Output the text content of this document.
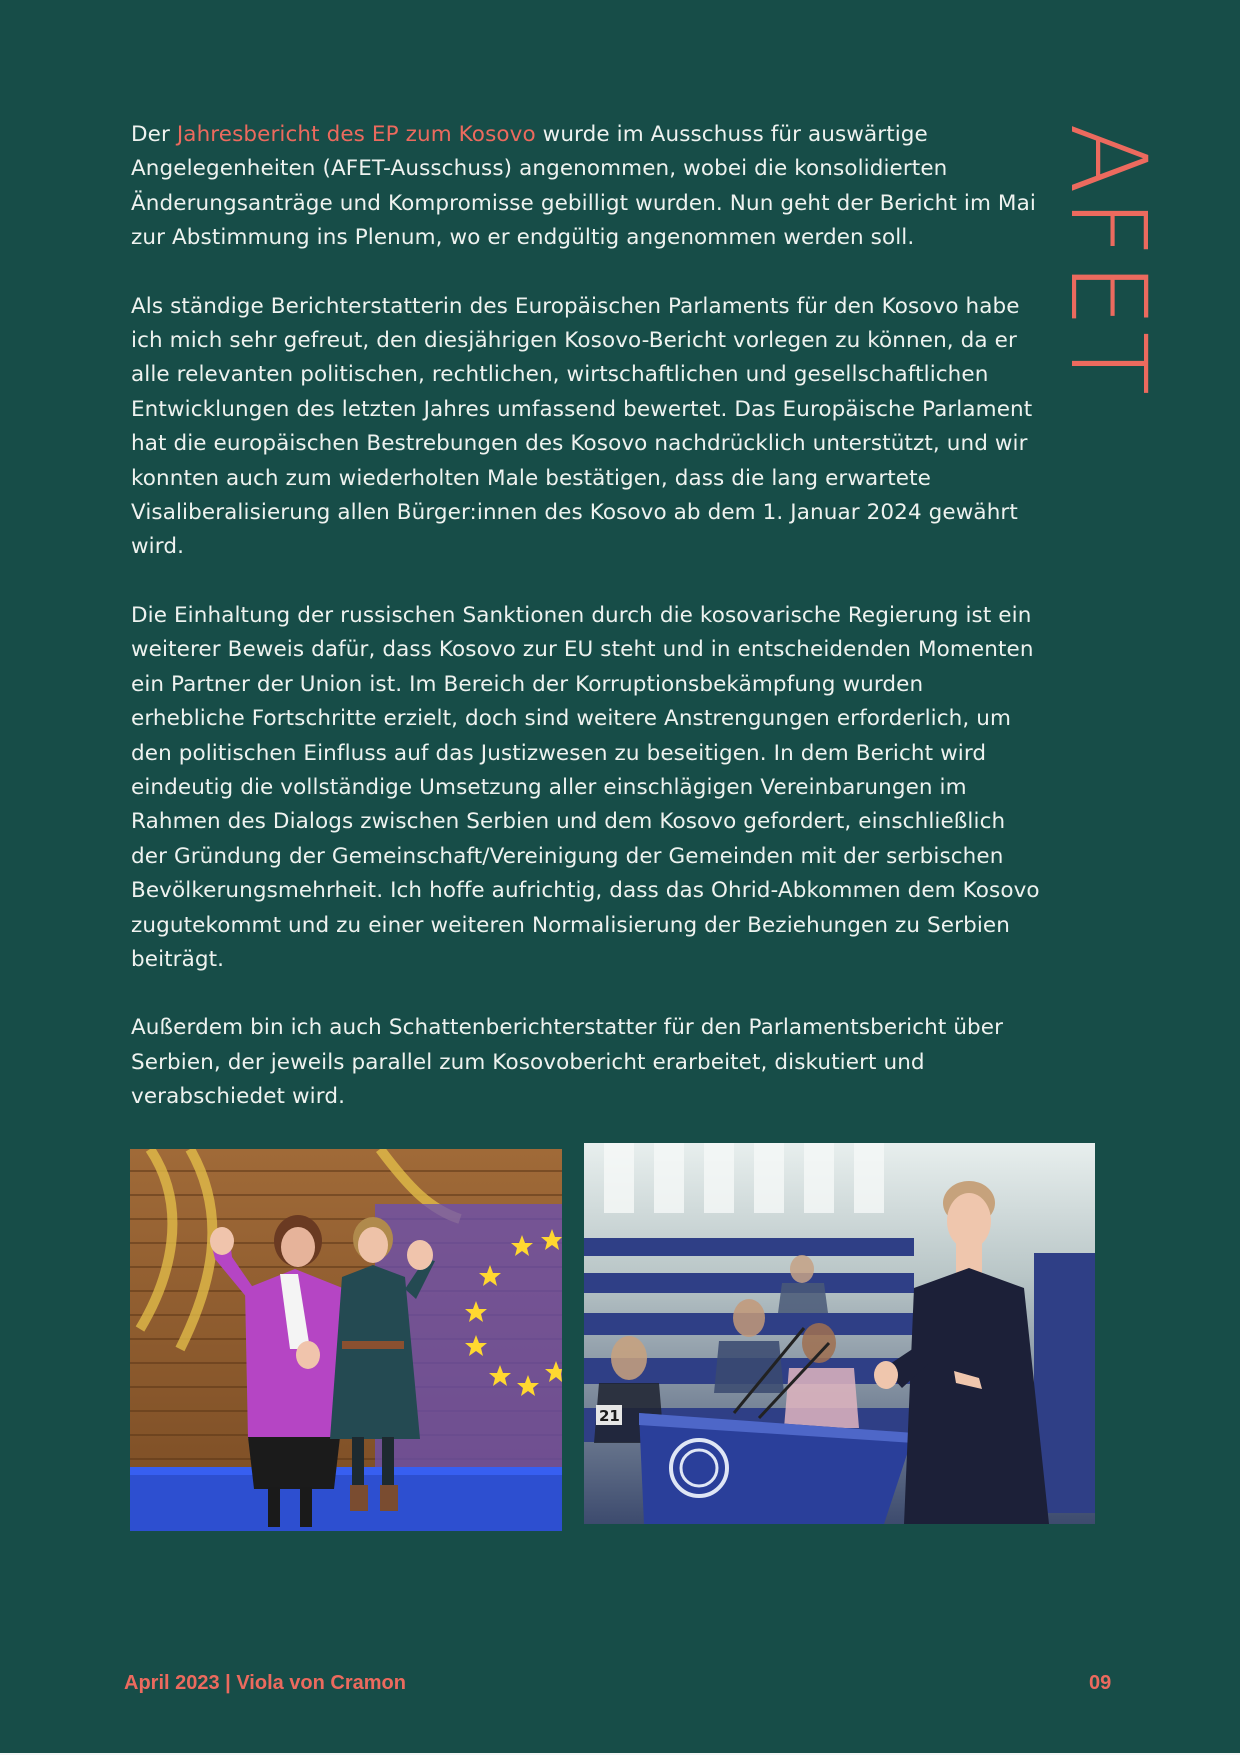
Der Jahresbericht des EP zum Kosovo wurde im Ausschuss für auswärtige Angelegenheiten (AFET-Ausschuss) angenommen, wobei die konsolidierten Änderungsanträge und Kompromisse gebilligt wurden. Nun geht der Bericht im Mai zur Abstimmung ins Plenum, wo er endgültig angenommen werden soll.

Als ständige Berichterstatterin des Europäischen Parlaments für den Kosovo habe ich mich sehr gefreut, den diesjährigen Kosovo-Bericht vorlegen zu können, da er alle relevanten politischen, rechtlichen, wirtschaftlichen und gesellschaftlichen Entwicklungen des letzten Jahres umfassend bewertet. Das Europäische Parlament hat die europäischen Bestrebungen des Kosovo nachdrücklich unterstützt, und wir konnten auch zum wiederholten Male bestätigen, dass die lang erwartete Visaliberalisierung allen Bürger:innen des Kosovo ab dem 1. Januar 2024 gewährt wird.

Die Einhaltung der russischen Sanktionen durch die kosovarische Regierung ist ein weiterer Beweis dafür, dass Kosovo zur EU steht und in entscheidenden Momenten ein Partner der Union ist. Im Bereich der Korruptionsbekämpfung wurden erhebliche Fortschritte erzielt, doch sind weitere Anstrengungen erforderlich, um den politischen Einfluss auf das Justizwesen zu beseitigen. In dem Bericht wird eindeutig die vollständige Umsetzung aller einschlägigen Vereinbarungen im Rahmen des Dialogs zwischen Serbien und dem Kosovo gefordert, einschließlich der Gründung der Gemeinschaft/Vereinigung der Gemeinden mit der serbischen Bevölkerungsmehrheit. Ich hoffe aufrichtig, dass das Ohrid-Abkommen dem Kosovo zugutekommt und zu einer weiteren Normalisierung der Beziehungen zu Serbien beiträgt.

Außerdem bin ich auch Schattenberichterstatter für den Parlamentsbericht über Serbien, der jeweils parallel zum Kosovobericht erarbeitet, diskutiert und verabschiedet wird.

AFET
21
April 2023 | Viola von Cramon	09
